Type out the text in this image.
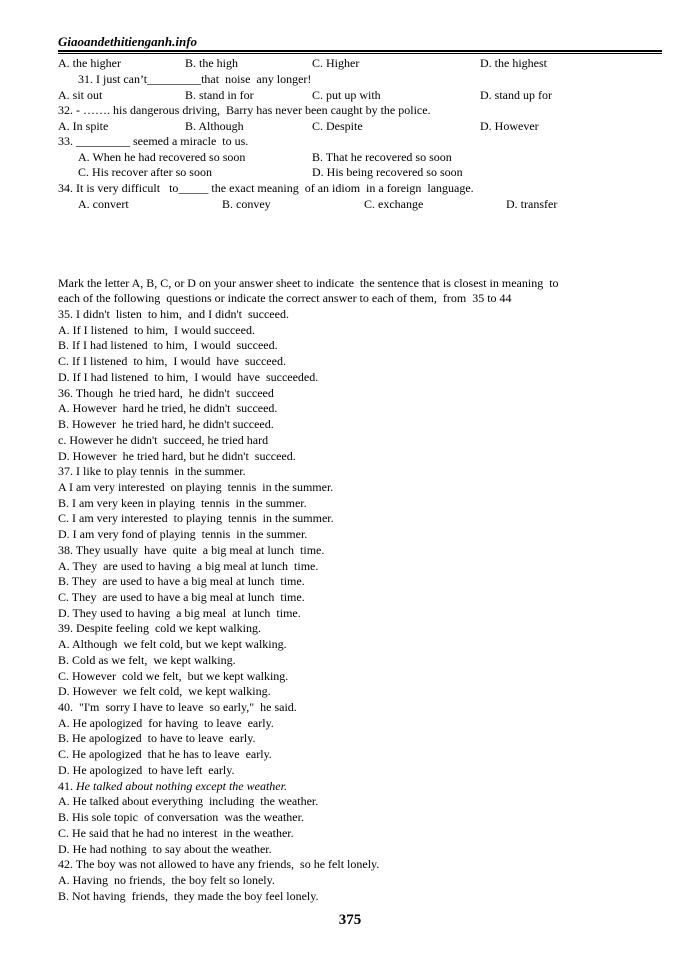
Giaoandethitienganh.info
A. the higher	B. the high	C. Higher	D. the highest
31. I just can’t_________that  noise  any longer!
A. sit out	B. stand in for	C. put up with	D. stand up for
32. - ……. his dangerous driving,  Barry has never been caught by the police.
A. In spite	B. Although	C. Despite	D. However
33. _________ seemed a miracle  to us.
A. When he had recovered so soon	B. That he recovered so soon
C. His recover after so soon	D. His being recovered so soon
34. It is very difficult   to_____ the exact meaning  of an idiom  in a foreign  language.
A. convert	B. convey	C. exchange	D. transfer
Mark the letter A, B, C, or D on your answer sheet to indicate  the sentence that is closest in meaning  to
each of the following  questions or indicate the correct answer to each of them,  from  35 to 44
35. I didn't  listen  to him,  and I didn't  succeed.
A. If I listened  to him,  I would succeed.
B. If I had listened  to him,  I would  succeed.
C. If I listened  to him,  I would  have  succeed.
D. If I had listened  to him,  I would  have  succeeded.
36. Though  he tried hard,  he didn't  succeed
A. However  hard he tried, he didn't  succeed.
B. However  he tried hard, he didn't succeed.
c. However he didn't  succeed, he tried hard
D. However  he tried hard, but he didn't  succeed.
37. I like to play tennis  in the summer.
A I am very interested  on playing  tennis  in the summer.
B. I am very keen in playing  tennis  in the summer.
C. I am very interested  to playing  tennis  in the summer.
D. I am very fond of playing  tennis  in the summer.
38. They usually  have  quite  a big meal at lunch  time.
A. They  are used to having  a big meal at lunch  time.
B. They  are used to have a big meal at lunch  time.
C. They  are used to have a big meal at lunch  time.
D. They used to having  a big meal  at lunch  time.
39. Despite feeling  cold we kept walking.
A. Although  we felt cold, but we kept walking.
B. Cold as we felt,  we kept walking.
C. However  cold we felt,  but we kept walking.
D. However  we felt cold,  we kept walking.
40.  "I'm  sorry I have to leave  so early,"  he said.
A. He apologized  for having  to leave  early.
B. He apologized  to have to leave  early.
C. He apologized  that he has to leave  early.
D. He apologized  to have left  early.
41. He talked about nothing except the weather.
A. He talked about everything  including  the weather.
B. His sole topic  of conversation  was the weather.
C. He said that he had no interest  in the weather.
D. He had nothing  to say about the weather.
42. The boy was not allowed to have any friends,  so he felt lonely.
A. Having  no friends,  the boy felt so lonely.
B. Not having  friends,  they made the boy feel lonely.
375
